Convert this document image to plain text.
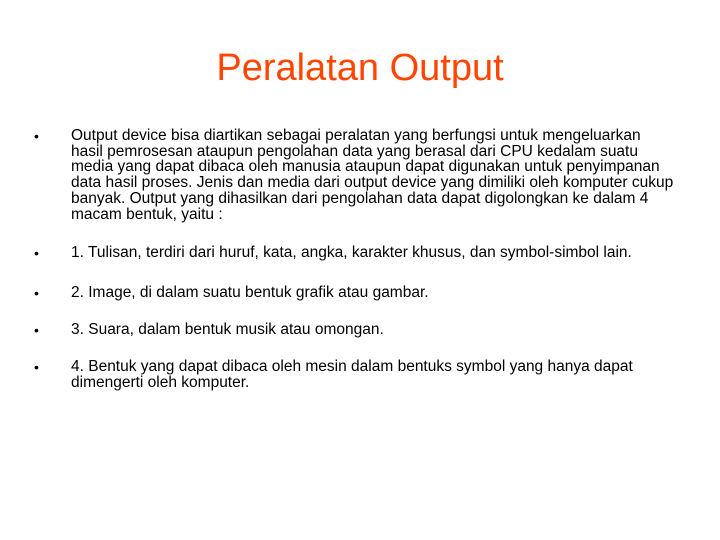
Peralatan Output
• Output device bisa diartikan sebagai peralatan yang berfungsi untuk mengeluarkan hasil pemrosesan ataupun pengolahan data yang berasal dari CPU kedalam suatu media yang dapat dibaca oleh manusia ataupun dapat digunakan untuk penyimpanan data hasil proses. Jenis dan media dari output device yang dimiliki oleh komputer cukup banyak. Output yang dihasilkan dari pengolahan data dapat digolongkan ke dalam 4 macam bentuk, yaitu :
• 1. Tulisan, terdiri dari huruf, kata, angka, karakter khusus, dan symbol-simbol lain.
• 2. Image, di dalam suatu bentuk grafik atau gambar.
• 3. Suara, dalam bentuk musik atau omongan.
• 4. Bentuk yang dapat dibaca oleh mesin dalam bentuks symbol yang hanya dapat dimengerti oleh komputer.
